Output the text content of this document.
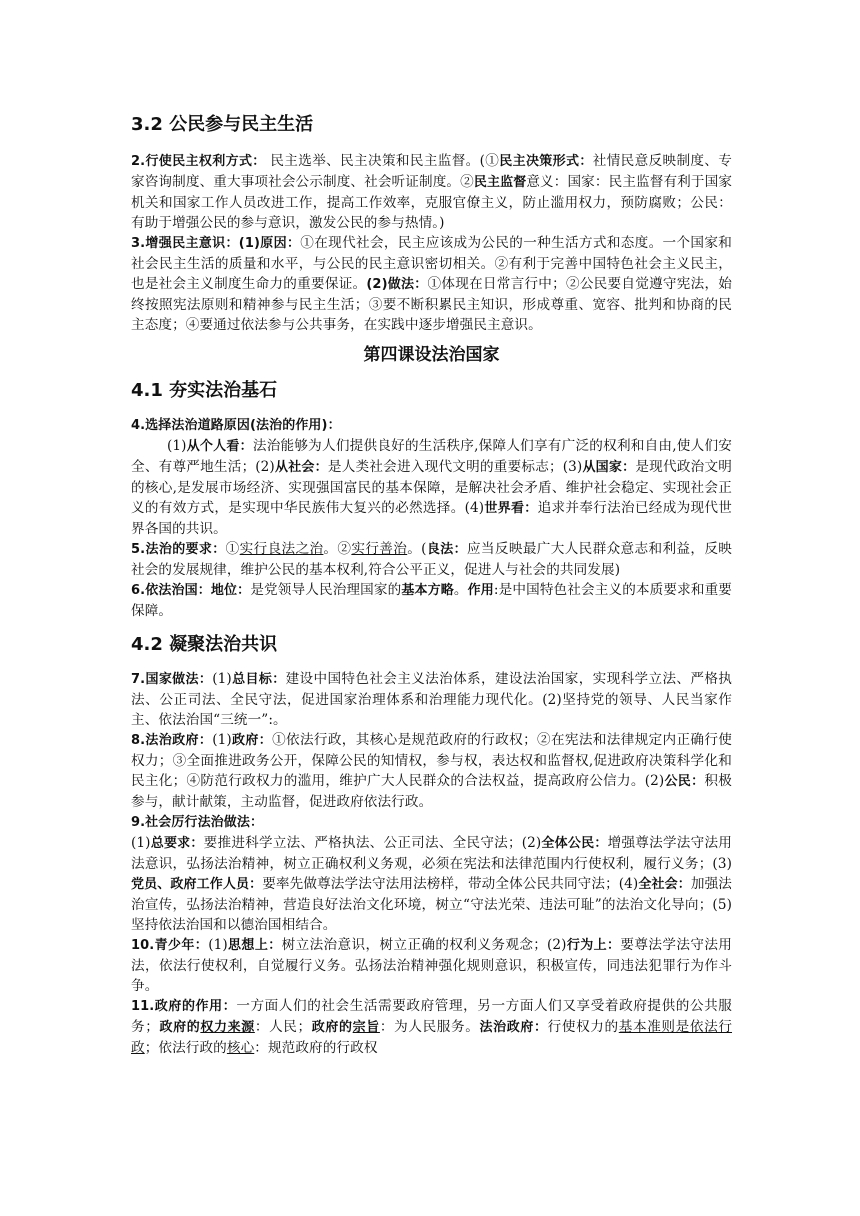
3.2 公民参与民主生活

2.行使民主权利方式： 民主选举、民主决策和民主监督。(①民主决策形式：社情民意反映制度、专家咨询制度、重大事项社会公示制度、社会听证制度。②民主监督意义：国家：民主监督有利于国家机关和国家工作人员改进工作，提高工作效率，克服官僚主义，防止滥用权力，预防腐败；公民：有助于增强公民的参与意识，激发公民的参与热情。)

3.增强民主意识：(1)原因：①在现代社会，民主应该成为公民的一种生活方式和态度。一个国家和社会民主生活的质量和水平，与公民的民主意识密切相关。②有利于完善中国特色社会主义民主，也是社会主义制度生命力的重要保证。(2)做法：①体现在日常言行中；②公民要自觉遵守宪法，始终按照宪法原则和精神参与民主生活；③要不断积累民主知识，形成尊重、宽容、批判和协商的民主态度；④要通过依法参与公共事务，在实践中逐步增强民主意识。

第四课设法治国家
4.1 夯实法治基石

4.选择法治道路原因(法治的作用)：

(1)从个人看：法治能够为人们提供良好的生活秩序,保障人们享有广泛的权利和自由,使人们安全、有尊严地生活；(2)从社会：是人类社会进入现代文明的重要标志；(3)从国家：是现代政治文明的核心,是发展市场经济、实现强国富民的基本保障，是解决社会矛盾、维护社会稳定、实现社会正义的有效方式，是实现中华民族伟大复兴的必然选择。(4)世界看：追求并奉行法治已经成为现代世界各国的共识。

5.法治的要求：①实行良法之治。②实行善治。(良法：应当反映最广大人民群众意志和利益，反映社会的发展规律，维护公民的基本权利,符合公平正义，促进人与社会的共同发展)

6.依法治国：地位：是党领导人民治理国家的基本方略。作用:是中国特色社会主义的本质要求和重要保障。

4.2 凝聚法治共识

7.国家做法：(1)总目标：建设中国特色社会主义法治体系，建设法治国家，实现科学立法、严格执法、公正司法、全民守法，促进国家治理体系和治理能力现代化。(2)坚持党的领导、人民当家作主、依法治国“三统一”:。

8.法治政府：(1)政府：①依法行政，其核心是规范政府的行政权；②在宪法和法律规定内正确行使权力；③全面推进政务公开，保障公民的知情权，参与权，表达权和监督权,促进政府决策科学化和民主化；④防范行政权力的滥用，维护广大人民群众的合法权益，提高政府公信力。(2)公民：积极参与，献计献策，主动监督，促进政府依法行政。

9.社会厉行法治做法：

(1)总要求：要推进科学立法、严格执法、公正司法、全民守法；(2)全体公民：增强尊法学法守法用法意识，弘扬法治精神，树立正确权利义务观，必须在宪法和法律范围内行使权利，履行义务；(3)党员、政府工作人员：要率先做尊法学法守法用法榜样，带动全体公民共同守法；(4)全社会：加强法治宣传，弘扬法治精神，营造良好法治文化环境，树立“守法光荣、违法可耻”的法治文化导向；(5)坚持依法治国和以德治国相结合。

10.青少年：(1)思想上：树立法治意识，树立正确的权利义务观念；(2)行为上：要尊法学法守法用法，依法行使权利，自觉履行义务。弘扬法治精神强化规则意识，积极宣传，同违法犯罪行为作斗争。

11.政府的作用：一方面人们的社会生活需要政府管理，另一方面人们又享受着政府提供的公共服务；政府的权力来源：人民；政府的宗旨：为人民服务。法治政府：行使权力的基本准则是依法行政；依法行政的核心：规范政府的行政权
